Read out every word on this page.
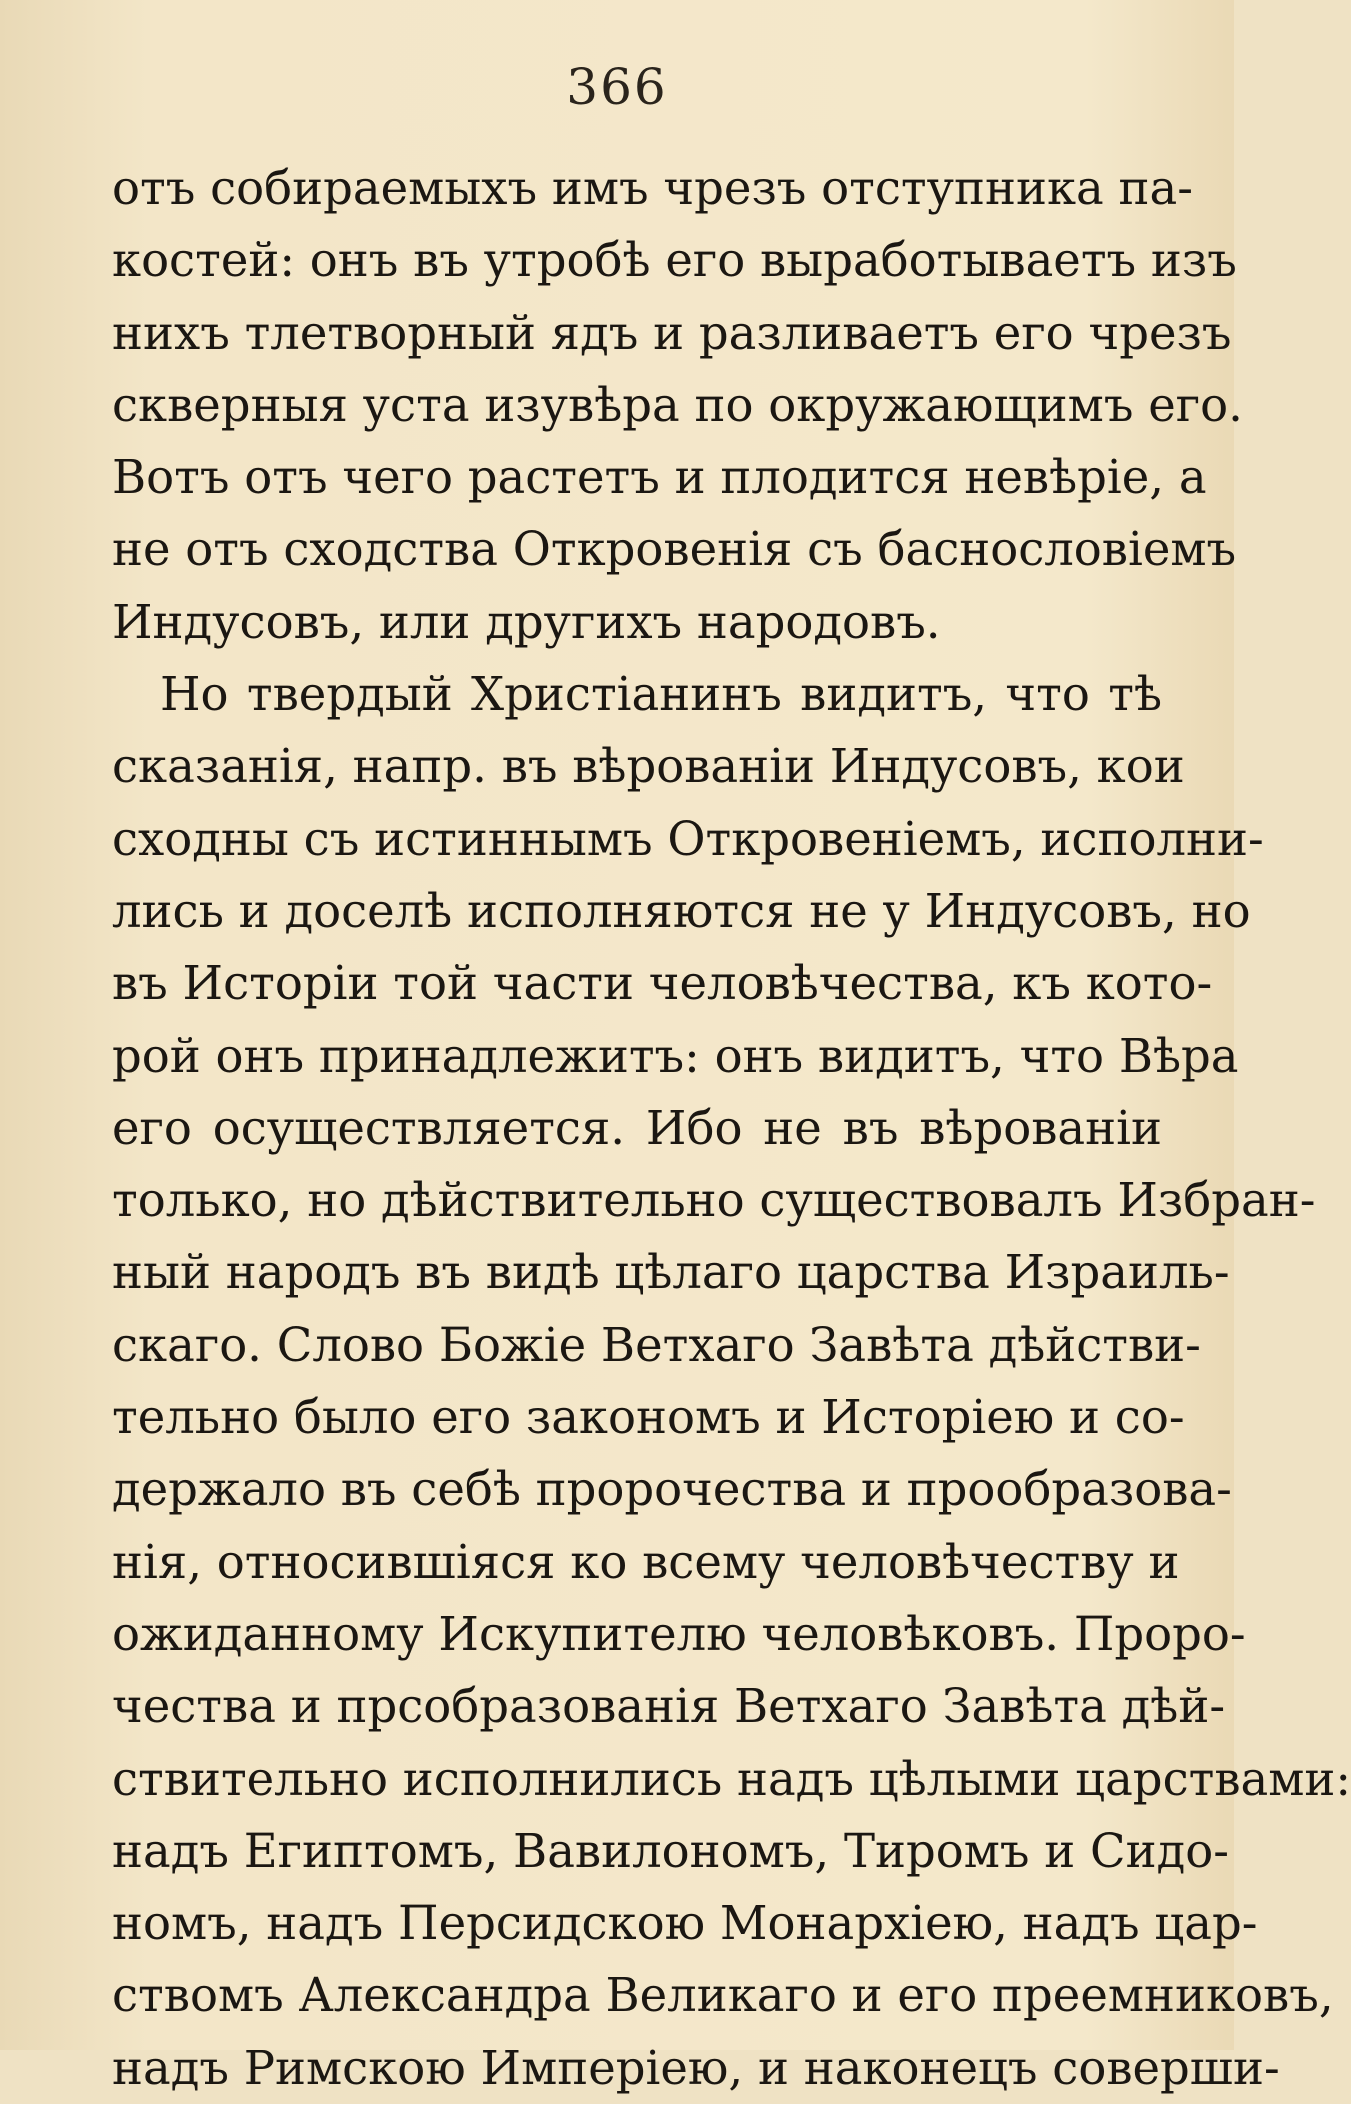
366
отъ собираемыхъ имъ чрезъ отступника па-
костей: онъ въ утробѣ его выработываетъ изъ
нихъ тлетворный ядъ и разливаетъ его чрезъ
скверныя уста изувѣра по окружающимъ его.
Вотъ отъ чего растетъ и плодится невѣріе, а
не отъ сходства Откровенія съ баснословіемъ
Индусовъ, или другихъ народовъ.
Но твердый Христіанинъ видитъ, что тѣ
сказанія, напр. въ вѣрованіи Индусовъ, кои
сходны съ истиннымъ Откровеніемъ, исполни-
лись и доселѣ исполняются не у Индусовъ, но
въ Исторіи той части человѣчества, къ кото-
рой онъ принадлежитъ: онъ видитъ, что Вѣра
его осуществляется. Ибо не въ вѣрованіи
только, но дѣйствительно существовалъ Избран-
ный народъ въ видѣ цѣлаго царства Израиль-
скаго. Слово Божіе Ветхаго Завѣта дѣйстви-
тельно было его закономъ и Исторіею и со-
держало въ себѣ пророчества и прообразова-
нія, относившіяся ко всему человѣчеству и
ожиданному Искупителю человѣковъ. Проро-
чества и прсобразованія Ветхаго Завѣта дѣй-
ствительно исполнились надъ цѣлыми царствами:
надъ Египтомъ, Вавилономъ, Тиромъ и Сидо-
номъ, надъ Персидскою Монархіею, надъ цар-
ствомъ Александра Великаго и его преемниковъ,
надъ Римскою Имперіею, и наконецъ соверши-
